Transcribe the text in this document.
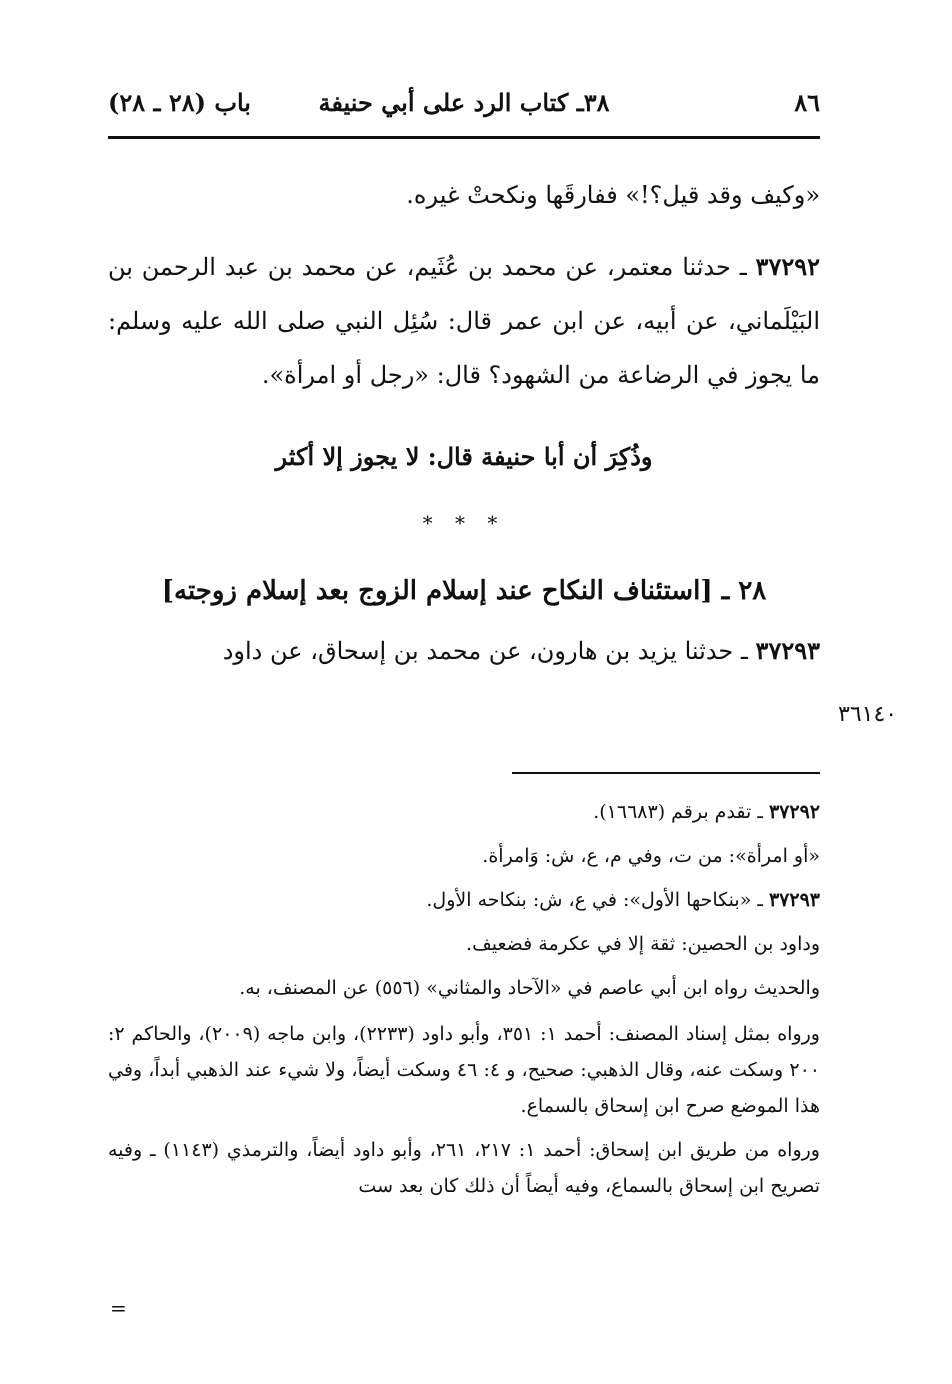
٨٦
٣٨ـ كتاب الرد على أبي حنيفة
باب (٢٨ ـ ٢٨)

«وكيف وقد قيل؟!» ففارقَها ونكحتْ غيره.

٣٧٢٩٢ ـ حدثنا معتمر، عن محمد بن عُثَيم، عن محمد بن عبد الرحمن بن البَيْلَماني، عن أبيه، عن ابن عمر قال: سُئِل النبي صلى الله عليه وسلم: ما يجوز في الرضاعة من الشهود؟ قال: «رجل أو امرأة».

وذُكِرَ أن أبا حنيفة قال: لا يجوز إلا أكثر

* * *
٢٨ ـ [استئناف النكاح عند إسلام الزوج بعد إسلام زوجته]

٣٧٢٩٣ ـ حدثنا يزيد بن هارون، عن محمد بن إسحاق، عن داود

٣٦١٤٠

٣٧٢٩٢ ـ تقدم برقم (١٦٦٨٣).

«أو امرأة»: من ت، وفي م، ع، ش: وَامرأة.

٣٧٢٩٣ ـ «بنكاحها الأول»: في ع، ش: بنكاحه الأول.

وداود بن الحصين: ثقة إلا في عكرمة فضعيف.

والحديث رواه ابن أبي عاصم في «الآحاد والمثاني» (٥٥٦) عن المصنف، به.

ورواه بمثل إسناد المصنف: أحمد ١: ٣٥١، وأبو داود (٢٢٣٣)، وابن ماجه (٢٠٠٩)، والحاكم ٢: ٢٠٠ وسكت عنه، وقال الذهبي: صحيح، و ٤: ٤٦ وسكت أيضاً، ولا شيء عند الذهبي أبداً، وفي هذا الموضع صرح ابن إسحاق بالسماع.

ورواه من طريق ابن إسحاق: أحمد ١: ٢١٧، ٢٦١، وأبو داود أيضاً، والترمذي (١١٤٣) ـ وفيه تصريح ابن إسحاق بالسماع، وفيه أيضاً أن ذلك كان بعد ست

=
